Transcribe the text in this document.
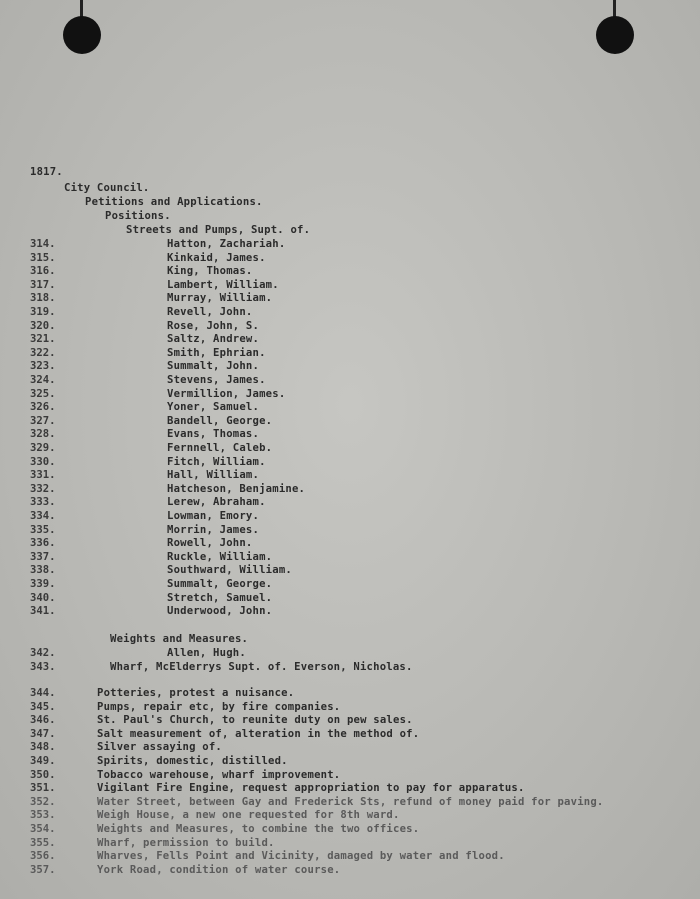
1817.
City Council.
Petitions and Applications.
Positions.
Streets and Pumps, Supt. of.
314.	Hatton, Zachariah.
315.	Kinkaid, James.
316.	King, Thomas.
317.	Lambert, William.
318.	Murray, William.
319.	Revell, John.
320.	Rose, John, S.
321.	Saltz, Andrew.
322.	Smith, Ephrian.
323.	Summalt, John.
324.	Stevens, James.
325.	Vermillion, James.
326.	Yoner, Samuel.
327.	Bandell, George.
328.	Evans, Thomas.
329.	Fernnell, Caleb.
330.	Fitch, William.
331.	Hall, William.
332.	Hatcheson, Benjamine.
333.	Lerew, Abraham.
334.	Lowman, Emory.
335.	Morrin, James.
336.	Rowell, John.
337.	Ruckle, William.
338.	Southward, William.
339.	Summalt, George.
340.	Stretch, Samuel.
341.	Underwood, John.
Weights and Measures.
342.	Allen, Hugh.
343.	Wharf, McElderrys Supt. of. Everson, Nicholas.
344.	Potteries, protest a nuisance.
345.	Pumps, repair etc, by fire companies.
346.	St. Paul's Church, to reunite duty on pew sales.
347.	Salt measurement of, alteration in the method of.
348.	Silver assaying of.
349.	Spirits, domestic, distilled.
350.	Tobacco warehouse, wharf improvement.
351.	Vigilant Fire Engine, request appropriation to pay for apparatus.
352.	Water Street, between Gay and Frederick Sts, refund of money paid for paving.
353.	Weigh House, a new one requested for 8th ward.
354.	Weights and Measures, to combine the two offices.
355.	Wharf, permission to build.
356.	Wharves, Fells Point and Vicinity, damaged by water and flood.
357.	York Road, condition of water course.
